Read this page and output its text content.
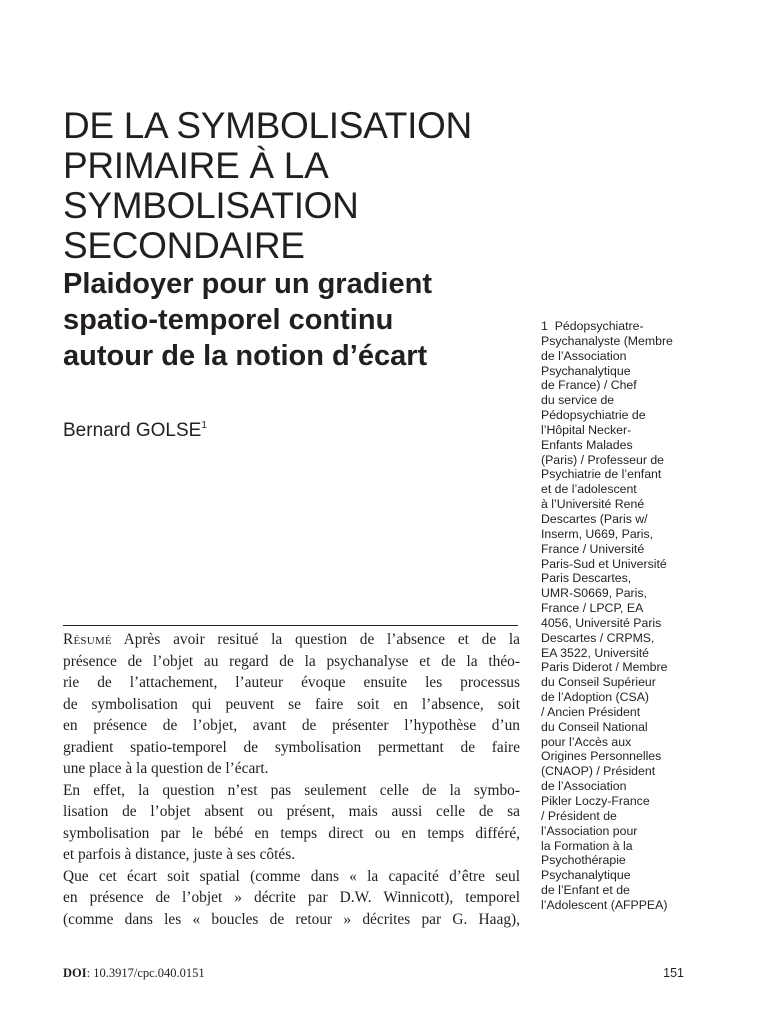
DE LA SYMBOLISATION
PRIMAIRE À LA
SYMBOLISATION
SECONDAIRE
Plaidoyer pour un gradient
spatio-temporel continu
autour de la notion d’écart
Bernard GOLSE$^1$
1 Pédopsychiatre-
Psychanalyste (Membre
de l’Association
Psychanalytique
de France) / Chef
du service de
Pédopsychiatrie de
l’Hôpital Necker-
Enfants Malades
(Paris) / Professeur de
Psychiatrie de l’enfant
et de l’adolescent
à l’Université René
Descartes (Paris w/
Inserm, U669, Paris,
France / Université
Paris-Sud et Université
Paris Descartes,
UMR-S0669, Paris,
France / LPCP, EA
4056, Université Paris
Descartes / CRPMS,
EA 3522, Université
Paris Diderot / Membre
du Conseil Supérieur
de l’Adoption (CSA)
/ Ancien Président
du Conseil National
pour l’Accès aux
Origines Personnelles
(CNAOP) / Président
de l’Association
Pikler Loczy-France
/ Président de
l’Association pour
la Formation à la
Psychothérapie
Psychanalytique
de l’Enfant et de
l’Adolescent (AFPPEA)
Résumé Après avoir resitué la question de l’absence et de la
présence de l’objet au regard de la psychanalyse et de la théo-
rie de l’attachement, l’auteur évoque ensuite les processus
de symbolisation qui peuvent se faire soit en l’absence, soit
en présence de l’objet, avant de présenter l’hypothèse d’un
gradient spatio-temporel de symbolisation permettant de faire
une place à la question de l’écart.
En effet, la question n’est pas seulement celle de la symbo-
lisation de l’objet absent ou présent, mais aussi celle de sa
symbolisation par le bébé en temps direct ou en temps différé,
et parfois à distance, juste à ses côtés.
Que cet écart soit spatial (comme dans « la capacité d’être seul
en présence de l’objet » décrite par D.W. Winnicott), temporel
(comme dans les « boucles de retour » décrites par G. Haag),
DOI: 10.3917/cpc.040.0151	151
